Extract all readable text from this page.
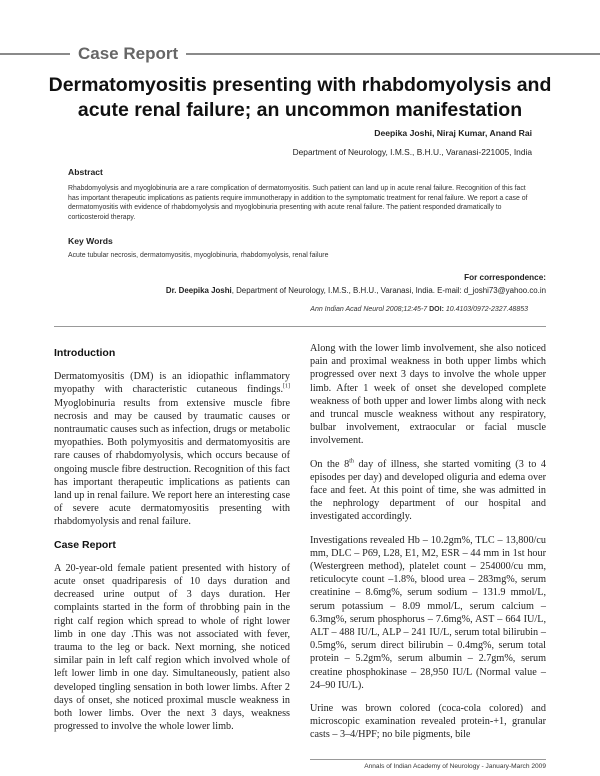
Case Report
Dermatomyositis presenting with rhabdomyolysis and acute renal failure; an uncommon manifestation
Deepika Joshi, Niraj Kumar, Anand Rai
Department of Neurology, I.M.S., B.H.U., Varanasi-221005, India
Abstract

Rhabdomyolysis and myoglobinuria are a rare complication of dermatomyositis. Such patient can land up in acute renal failure. Recognition of this fact has important therapeutic implications as patients require immunotherapy in addition to the symptomatic treatment for renal failure. We report a case of dermatomyositis with evidence of rhabdomyolysis and myoglobinuria presenting with acute renal failure. The patient responded dramatically to corticosteroid therapy.

Key Words
Acute tubular necrosis, dermatomyositis, myoglobinuria, rhabdomyolysis, renal failure
For correspondence:
Dr. Deepika Joshi, Department of Neurology, I.M.S., B.H.U., Varanasi, India. E-mail: d_joshi73@yahoo.co.in
Ann Indian Acad Neurol 2008;12:45-7 DOI: 10.4103/0972-2327.48853
Introduction

Dermatomyositis (DM) is an idiopathic inflammatory myopathy with characteristic cutaneous findings.[1] Myoglobinuria results from extensive muscle fibre necrosis and may be caused by traumatic causes or nontraumatic causes such as infection, drugs or metabolic myopathies. Both polymyositis and dermatomyositis are rare causes of rhabdomyolysis, which occurs because of ongoing muscle fibre destruction. Recognition of this fact has important therapeutic implications as patients can land up in renal failure. We report here an interesting case of severe acute dermatomyositis presenting with rhabdomyolysis and renal failure.

Case Report

A 20-year-old female patient presented with history of acute onset quadriparesis of 10 days duration and decreased urine output of 3 days duration. Her complaints started in the form of throbbing pain in the right calf region which spread to whole of right lower limb in one day .This was not associated with fever, trauma to the leg or back. Next morning, she noticed similar pain in left calf region which involved whole of left lower limb in one day. Simultaneously, patient also developed tingling sensation in both lower limbs. After 2 days of onset, she noticed proximal muscle weakness in both lower limbs. Over the next 3 days, weakness progressed to involve the whole lower limb.

Along with the lower limb involvement, she also noticed pain and proximal weakness in both upper limbs which progressed over next 3 days to involve the whole upper limb. After 1 week of onset she developed complete weakness of both upper and lower limbs along with neck and truncal muscle weakness without any respiratory, bulbar involvement, extraocular or facial muscle involvement.

On the 8th day of illness, she started vomiting (3 to 4 episodes per day) and developed oliguria and edema over face and feet. At this point of time, she was admitted in the nephrology department of our hospital and investigated accordingly.

Investigations revealed Hb – 10.2gm%, TLC – 13,800/cu mm, DLC – P69, L28, E1, M2, ESR – 44 mm in 1st hour (Westergreen method), platelet count – 254000/cu mm, reticulocyte count –1.8%, blood urea – 283mg%, serum creatinine – 8.6mg%, serum sodium – 131.9 mmol/L, serum potassium – 8.09 mmol/L, serum calcium – 6.3mg%, serum phosphorus – 7.6mg%, AST – 664 IU/L, ALT – 488 IU/L, ALP – 241 IU/L, serum total bilirubin – 0.5mg%, serum direct bilirubin – 0.4mg%, serum total protein – 5.2gm%, serum albumin – 2.7gm%, serum creatine phosphokinase – 28,950 IU/L (Normal value – 24–90 IU/L).

Urine was brown colored (coca-cola colored) and microscopic examination revealed protein-+1, granular casts – 3–4/HPF; no bile pigments, bile

Annals of Indian Academy of Neurology - January-March 2009
